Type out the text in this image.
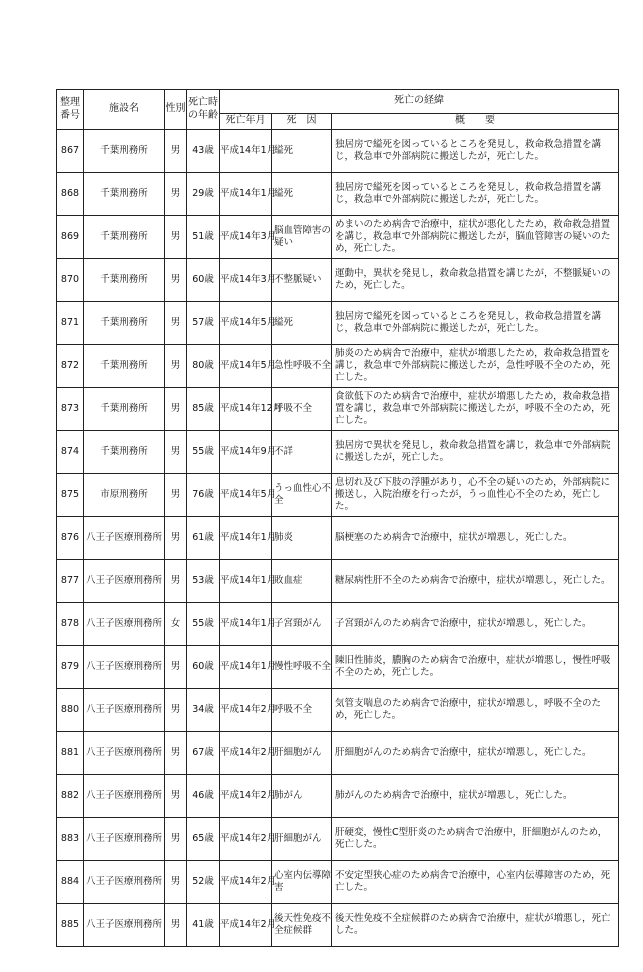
整理番号	施設名	性別	死亡時の年齢	死亡の経緯		
				死亡年月	死　因	概　　要
867	千葉刑務所	男	43歳	平成14年1月	縊死	独居房で縊死を図っているところを発見し，救命救急措置を講じ，救急車で外部病院に搬送したが，死亡した。
868	千葉刑務所	男	29歳	平成14年1月	縊死	独居房で縊死を図っているところを発見し，救命救急措置を講じ，救急車で外部病院に搬送したが，死亡した。
869	千葉刑務所	男	51歳	平成14年3月	脳血管障害の疑い	めまいのため病舎で治療中，症状が悪化したため，救命救急措置を講じ，救急車で外部病院に搬送したが，脳血管障害の疑いのため，死亡した。
870	千葉刑務所	男	60歳	平成14年3月	不整脈疑い	運動中，異状を発見し，救命救急措置を講じたが，不整脈疑いのため，死亡した。
871	千葉刑務所	男	57歳	平成14年5月	縊死	独居房で縊死を図っているところを発見し，救命救急措置を講じ，救急車で外部病院に搬送したが，死亡した。
872	千葉刑務所	男	80歳	平成14年5月	急性呼吸不全	肺炎のため病舎で治療中，症状が増悪したため，救命救急措置を講じ，救急車で外部病院に搬送したが，急性呼吸不全のため，死亡した。
873	千葉刑務所	男	85歳	平成14年12月	呼吸不全	食欲低下のため病舎で治療中，症状が増悪したため，救命救急措置を講じ，救急車で外部病院に搬送したが，呼吸不全のため，死亡した。
874	千葉刑務所	男	55歳	平成14年9月	不詳	独居房で異状を発見し，救命救急措置を講じ，救急車で外部病院に搬送したが，死亡した。
875	市原刑務所	男	76歳	平成14年5月	うっ血性心不全	息切れ及び下肢の浮腫があり，心不全の疑いのため，外部病院に搬送し，入院治療を行ったが，うっ血性心不全のため，死亡した。
876	八王子医療刑務所	男	61歳	平成14年1月	肺炎	脳梗塞のため病舎で治療中，症状が増悪し，死亡した。
877	八王子医療刑務所	男	53歳	平成14年1月	敗血症	糖尿病性肝不全のため病舎で治療中，症状が増悪し，死亡した。
878	八王子医療刑務所	女	55歳	平成14年1月	子宮頸がん	子宮頸がんのため病舎で治療中，症状が増悪し，死亡した。
879	八王子医療刑務所	男	60歳	平成14年1月	慢性呼吸不全	陳旧性肺炎，膿胸のため病舎で治療中，症状が増悪し，慢性呼吸不全のため，死亡した。
880	八王子医療刑務所	男	34歳	平成14年2月	呼吸不全	気管支喘息のため病舎で治療中，症状が増悪し，呼吸不全のため，死亡した。
881	八王子医療刑務所	男	67歳	平成14年2月	肝細胞がん	肝細胞がんのため病舎で治療中，症状が増悪し，死亡した。
882	八王子医療刑務所	男	46歳	平成14年2月	肺がん	肺がんのため病舎で治療中，症状が増悪し，死亡した。
883	八王子医療刑務所	男	65歳	平成14年2月	肝細胞がん	肝硬変，慢性C型肝炎のため病舎で治療中，肝細胞がんのため，死亡した。
884	八王子医療刑務所	男	52歳	平成14年2月	心室内伝導障害	不安定型狭心症のため病舎で治療中，心室内伝導障害のため，死亡した。
885	八王子医療刑務所	男	41歳	平成14年2月	後天性免疫不全症候群	後天性免疫不全症候群のため病舎で治療中，症状が増悪し，死亡した。
